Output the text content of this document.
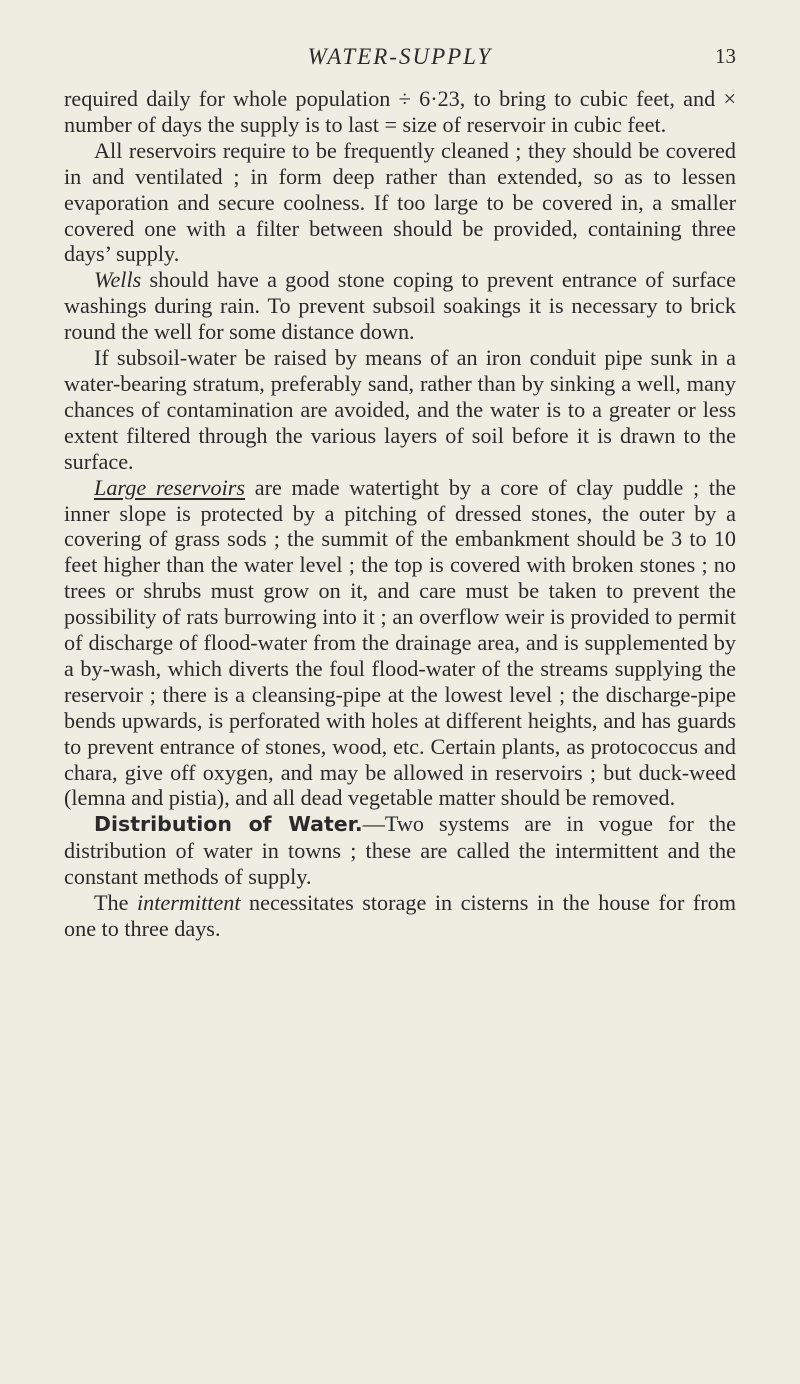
WATER-SUPPLY	13

required daily for whole population ÷ 6·23, to bring to cubic feet, and × number of days the supply is to last = size of reservoir in cubic feet.

All reservoirs require to be frequently cleaned ; they should be covered in and ventilated ; in form deep rather than extended, so as to lessen evaporation and secure coolness. If too large to be covered in, a smaller covered one with a filter between should be provided, containing three days’ supply.

Wells should have a good stone coping to prevent entrance of surface washings during rain. To prevent subsoil soakings it is necessary to brick round the well for some distance down.

If subsoil-water be raised by means of an iron conduit pipe sunk in a water-bearing stratum, preferably sand, rather than by sinking a well, many chances of contamination are avoided, and the water is to a greater or less extent filtered through the various layers of soil before it is drawn to the surface.

Large reservoirs are made watertight by a core of clay puddle ; the inner slope is protected by a pitching of dressed stones, the outer by a covering of grass sods ; the summit of the embankment should be 3 to 10 feet higher than the water level ; the top is covered with broken stones ; no trees or shrubs must grow on it, and care must be taken to prevent the possibility of rats burrowing into it ; an overflow weir is provided to permit of discharge of flood-water from the drainage area, and is supplemented by a by-wash, which diverts the foul flood-water of the streams supplying the reservoir ; there is a cleansing-pipe at the lowest level ; the discharge-pipe bends upwards, is perforated with holes at different heights, and has guards to prevent entrance of stones, wood, etc. Certain plants, as protococcus and chara, give off oxygen, and may be allowed in reservoirs ; but duck-weed (lemna and pistia), and all dead vegetable matter should be removed.

Distribution of Water.—Two systems are in vogue for the distribution of water in towns ; these are called the intermittent and the constant methods of supply.

The intermittent necessitates storage in cisterns in the house for from one to three days.
